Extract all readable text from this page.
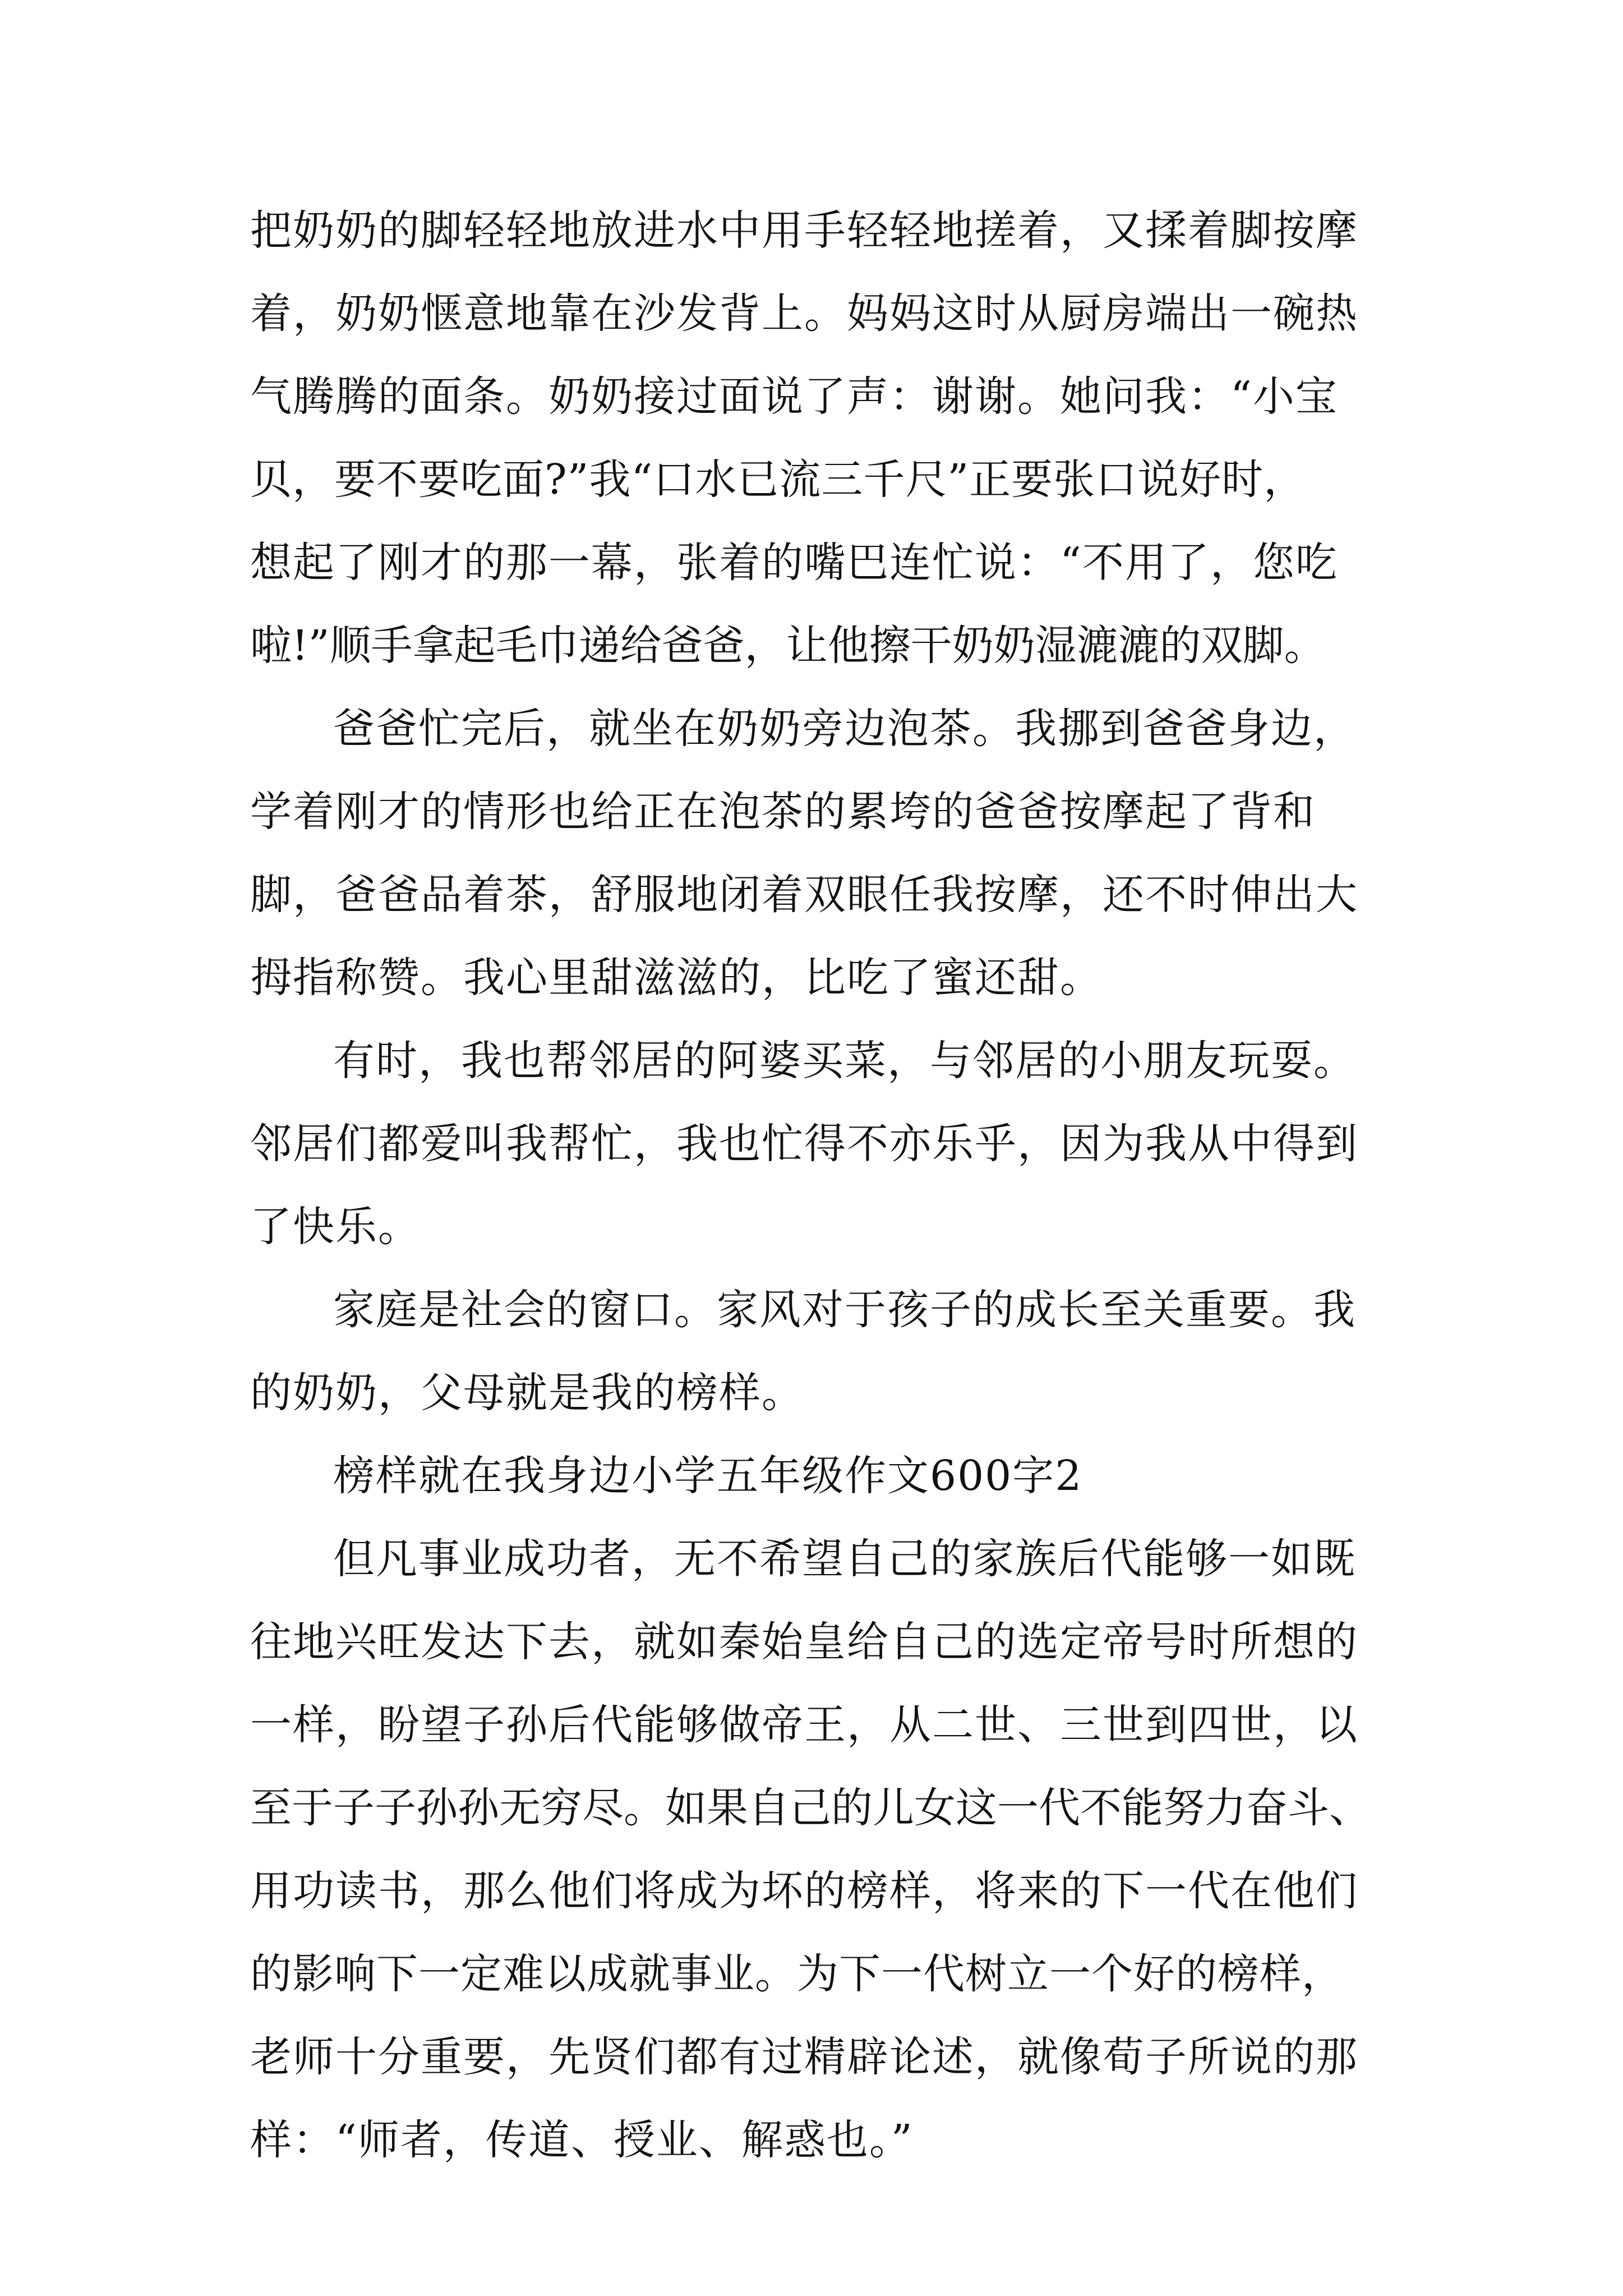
把奶奶的脚轻轻地放进水中用手轻轻地搓着，又揉着脚按摩
着，奶奶惬意地靠在沙发背上。妈妈这时从厨房端出一碗热
气腾腾的面条。奶奶接过面说了声：谢谢。她问我：“小宝
贝，要不要吃面?”我“口水已流三千尺”正要张口说好时，
想起了刚才的那一幕，张着的嘴巴连忙说：“不用了，您吃
啦!”顺手拿起毛巾递给爸爸，让他擦干奶奶湿漉漉的双脚。
爸爸忙完后，就坐在奶奶旁边泡茶。我挪到爸爸身边，
学着刚才的情形也给正在泡茶的累垮的爸爸按摩起了背和
脚，爸爸品着茶，舒服地闭着双眼任我按摩，还不时伸出大
拇指称赞。我心里甜滋滋的，比吃了蜜还甜。
有时，我也帮邻居的阿婆买菜，与邻居的小朋友玩耍。
邻居们都爱叫我帮忙，我也忙得不亦乐乎，因为我从中得到
了快乐。
家庭是社会的窗口。家风对于孩子的成长至关重要。我
的奶奶，父母就是我的榜样。
榜样就在我身边小学五年级作文600字2
但凡事业成功者，无不希望自己的家族后代能够一如既
往地兴旺发达下去，就如秦始皇给自己的选定帝号时所想的
一样，盼望子孙后代能够做帝王，从二世、三世到四世，以
至于子子孙孙无穷尽。如果自己的儿女这一代不能努力奋斗、
用功读书，那么他们将成为坏的榜样，将来的下一代在他们
的影响下一定难以成就事业。为下一代树立一个好的榜样，
老师十分重要，先贤们都有过精辟论述，就像荀子所说的那
样：“师者，传道、授业、解惑也。”
